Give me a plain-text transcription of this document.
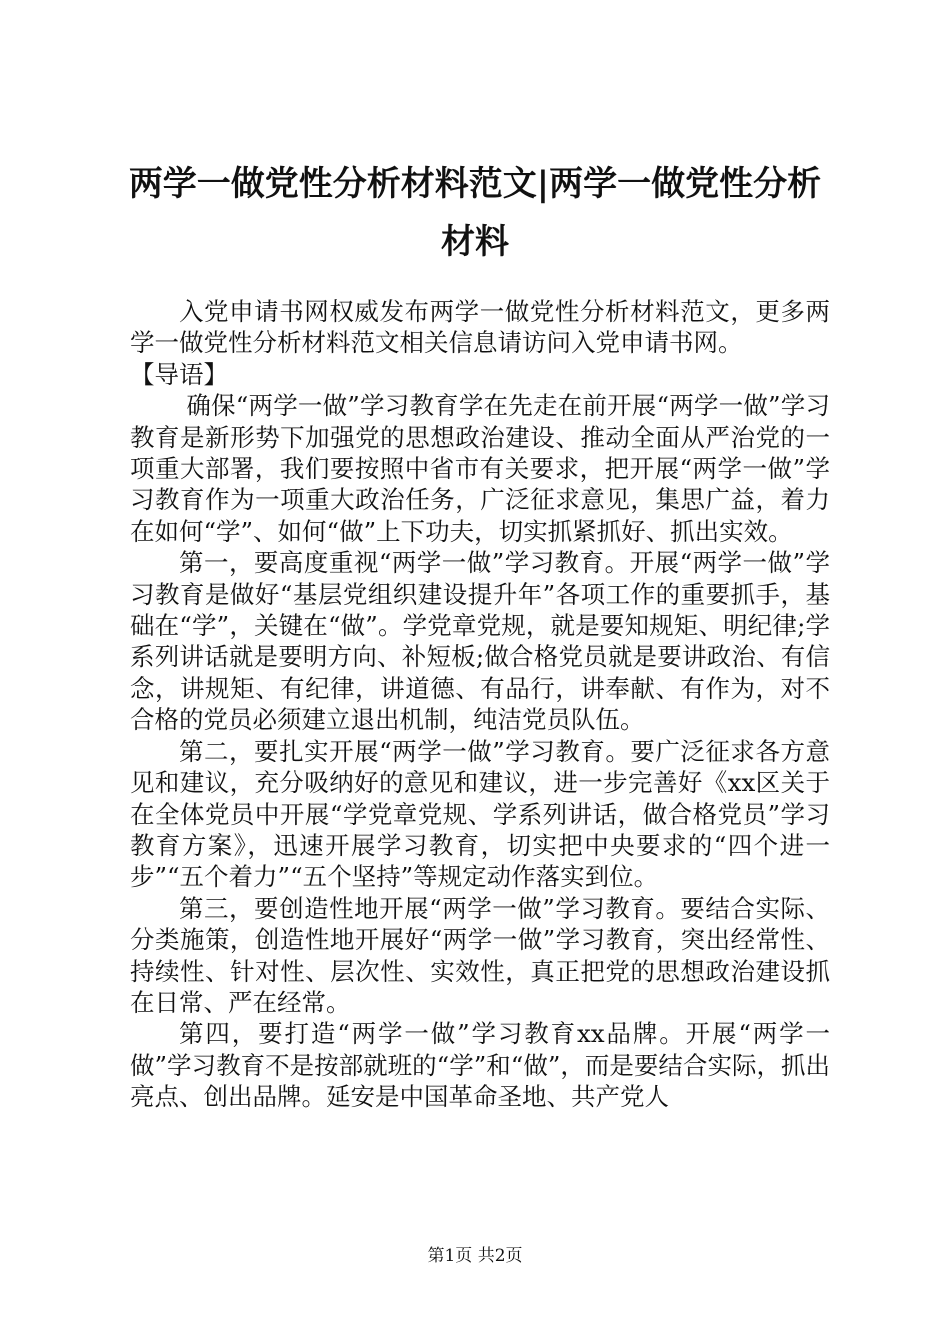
两学一做党性分析材料范文|两学一做党性分析材料

入党申请书网权威发布两学一做党性分析材料范文，更多两学一做党性分析材料范文相关信息请访问入党申请书网。

【导语】

确保“两学一做”学习教育学在先走在前开展“两学一做”学习教育是新形势下加强党的思想政治建设、推动全面从严治党的一项重大部署，我们要按照中省市有关要求，把开展“两学一做”学习教育作为一项重大政治任务，广泛征求意见，集思广益，着力在如何“学”、如何“做”上下功夫，切实抓紧抓好、抓出实效。

第一，要高度重视“两学一做”学习教育。开展“两学一做”学习教育是做好“基层党组织建设提升年”各项工作的重要抓手，基础在“学”，关键在“做”。学党章党规，就是要知规矩、明纪律;学系列讲话就是要明方向、补短板;做合格党员就是要讲政治、有信念，讲规矩、有纪律，讲道德、有品行，讲奉献、有作为，对不合格的党员必须建立退出机制，纯洁党员队伍。

第二，要扎实开展“两学一做”学习教育。要广泛征求各方意见和建议，充分吸纳好的意见和建议，进一步完善好《xx区关于在全体党员中开展“学党章党规、学系列讲话，做合格党员”学习教育方案》，迅速开展学习教育，切实把中央要求的“四个进一步”“五个着力”“五个坚持”等规定动作落实到位。

第三，要创造性地开展“两学一做”学习教育。要结合实际、分类施策，创造性地开展好“两学一做”学习教育，突出经常性、持续性、针对性、层次性、实效性，真正把党的思想政治建设抓在日常、严在经常。

第四，要打造“两学一做”学习教育xx品牌。开展“两学一做”学习教育不是按部就班的“学”和“做”，而是要结合实际，抓出亮点、创出品牌。延安是中国革命圣地、共产党人

第1页 共2页
